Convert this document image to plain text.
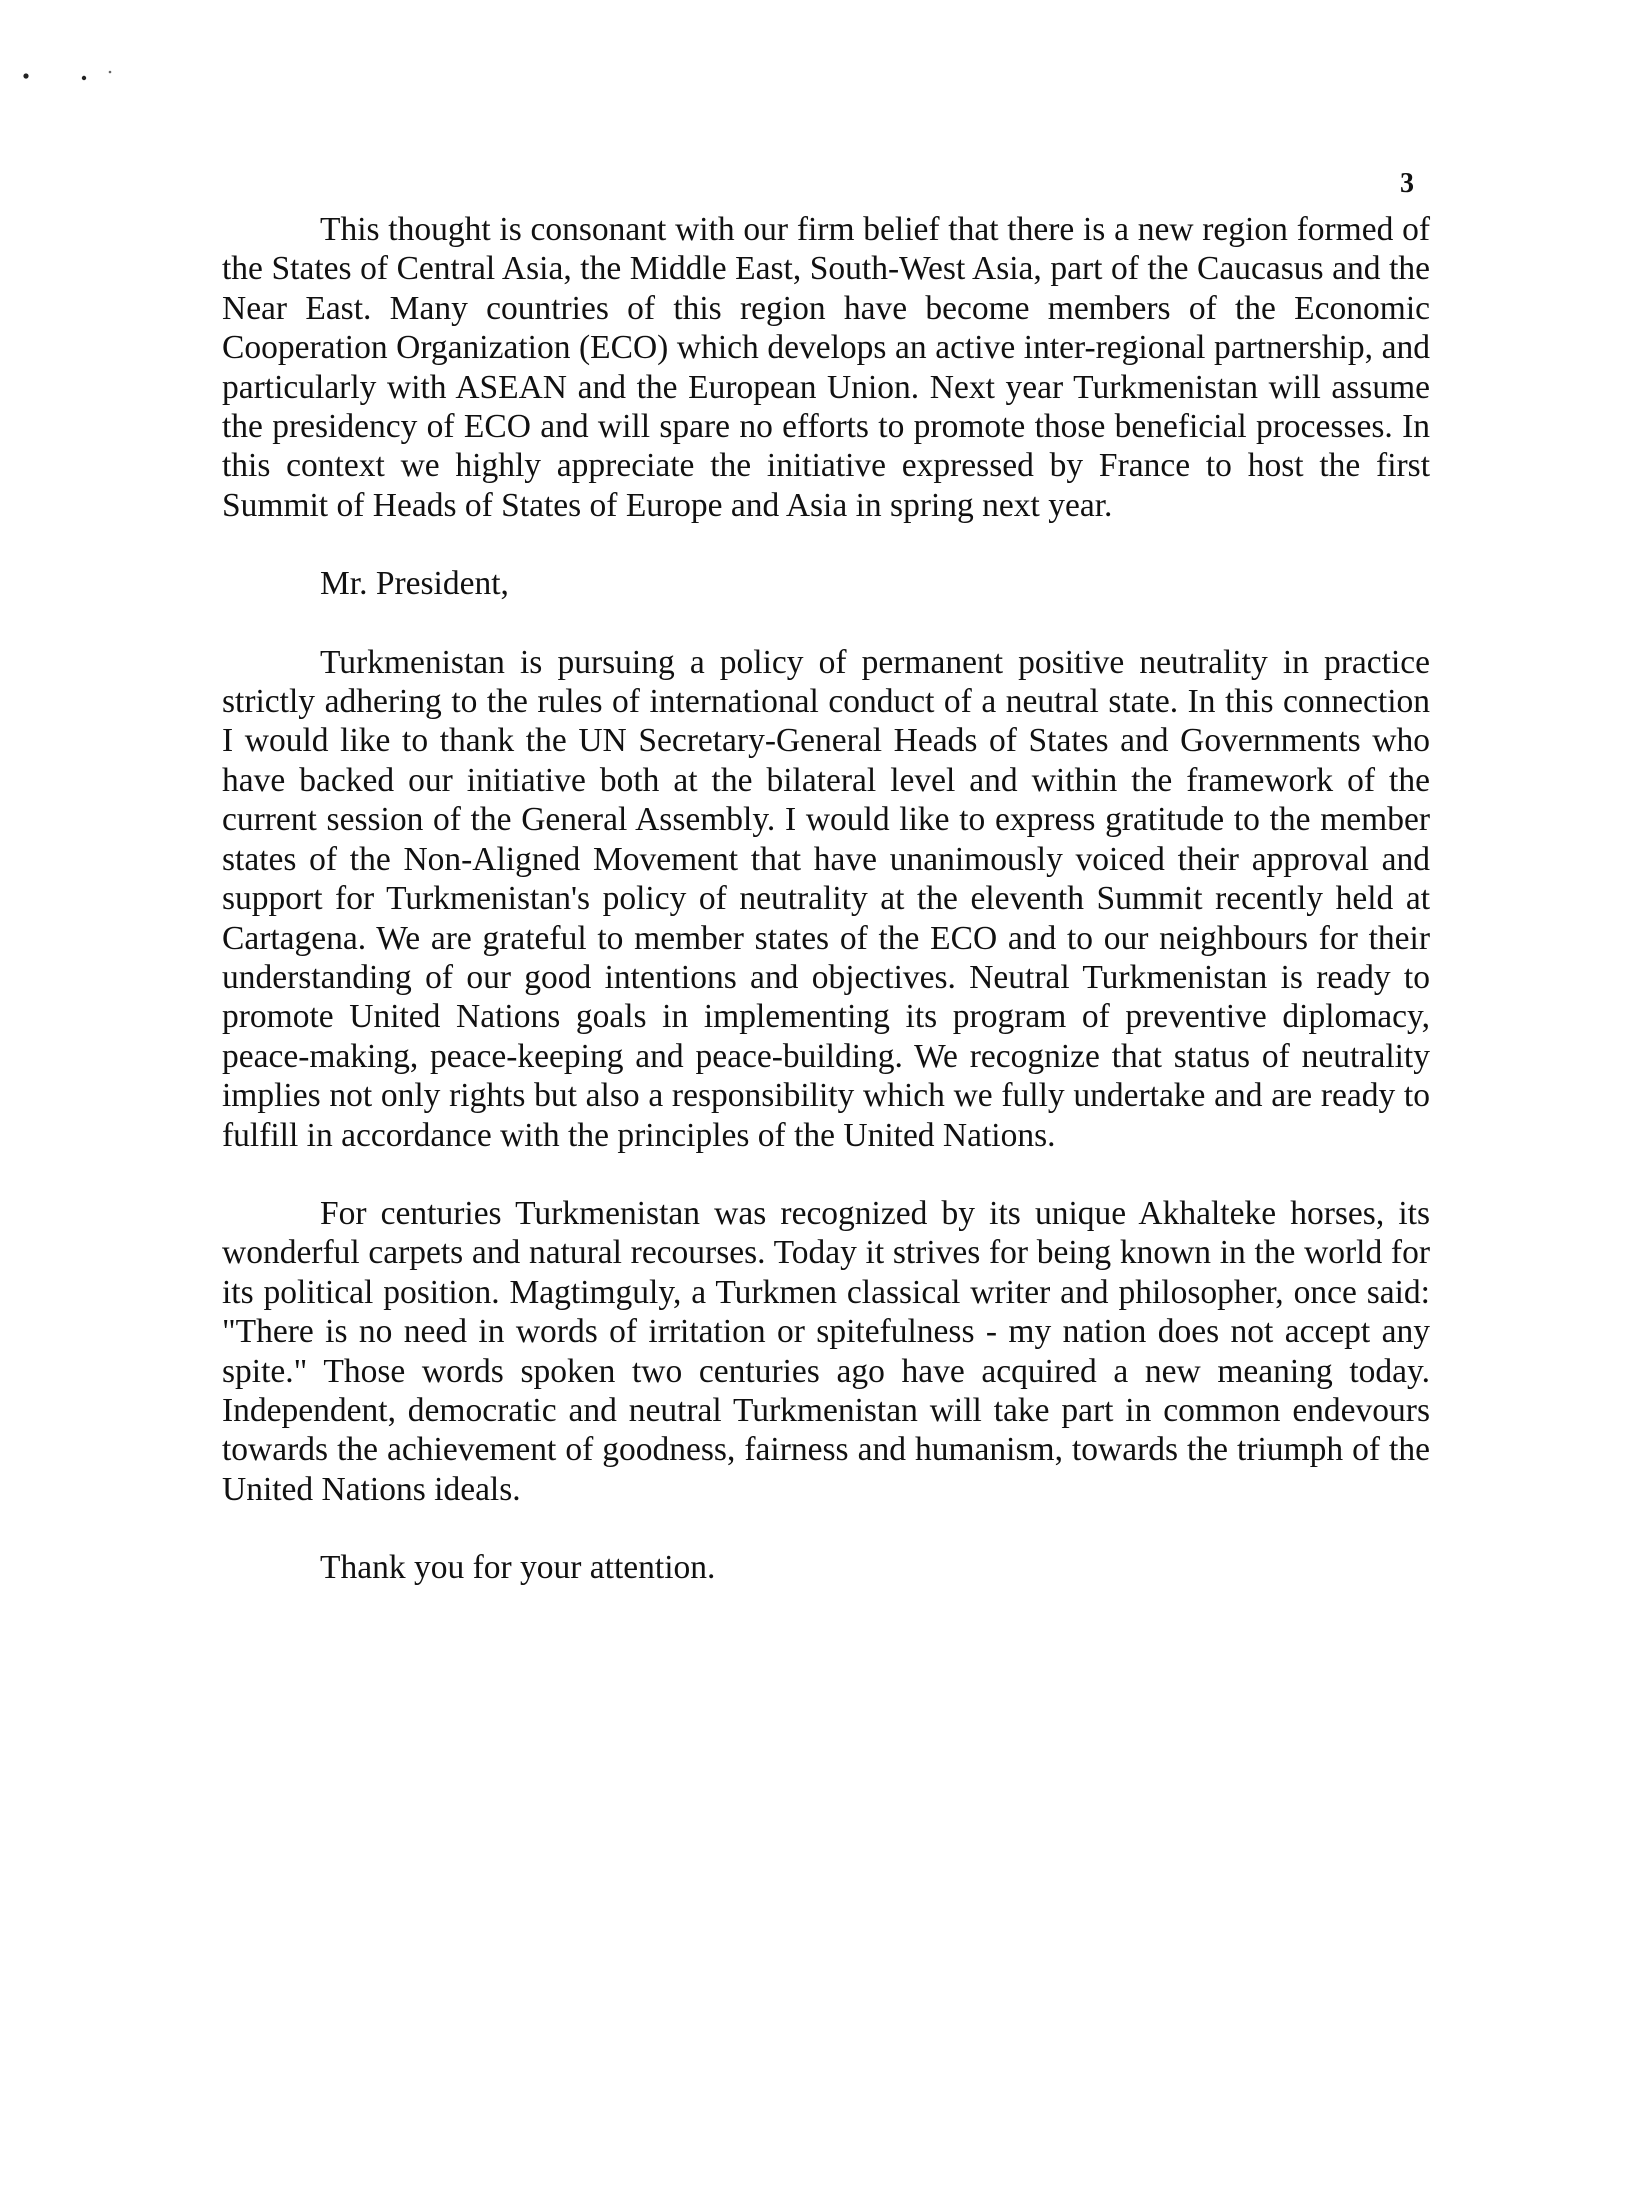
3

This thought is consonant with our firm belief that there is a new region formed of the States of Central Asia, the Middle East, South-West Asia, part of the Caucasus and the Near East. Many countries of this region have become members of the Economic Cooperation Organization (ECO) which develops an active inter-regional partnership, and particularly with ASEAN and the European Union. Next year Turkmenistan will assume the presidency of ECO and will spare no efforts to promote those beneficial processes. In this context we highly appreciate the initiative expressed by France to host the first Summit of Heads of States of Europe and Asia in spring next year.

Mr. President,

Turkmenistan is pursuing a policy of permanent positive neutrality in practice strictly adhering to the rules of international conduct of a neutral state. In this connection I would like to thank the UN Secretary-General Heads of States and Governments who have backed our initiative both at the bilateral level and within the framework of the current session of the General Assembly. I would like to express gratitude to the member states of the Non-Aligned Movement that have unanimously voiced their approval and support for Turkmenistan's policy of neutrality at the eleventh Summit recently held at Cartagena. We are grateful to member states of the ECO and to our neighbours for their understanding of our good intentions and objectives. Neutral Turkmenistan is ready to promote United Nations goals in implementing its program of preventive diplomacy, peace-making, peace-keeping and peace-building. We recognize that status of neutrality implies not only rights but also a responsibility which we fully undertake and are ready to fulfill in accordance with the principles of the United Nations.

For centuries Turkmenistan was recognized by its unique Akhalteke horses, its wonderful carpets and natural recourses. Today it strives for being known in the world for its political position. Magtimguly, a Turkmen classical writer and philosopher, once said: "There is no need in words of irritation or spitefulness - my nation does not accept any spite." Those words spoken two centuries ago have acquired a new meaning today. Independent, democratic and neutral Turkmenistan will take part in common endevours towards the achievement of goodness, fairness and humanism, towards the triumph of the United Nations ideals.

Thank you for your attention.
